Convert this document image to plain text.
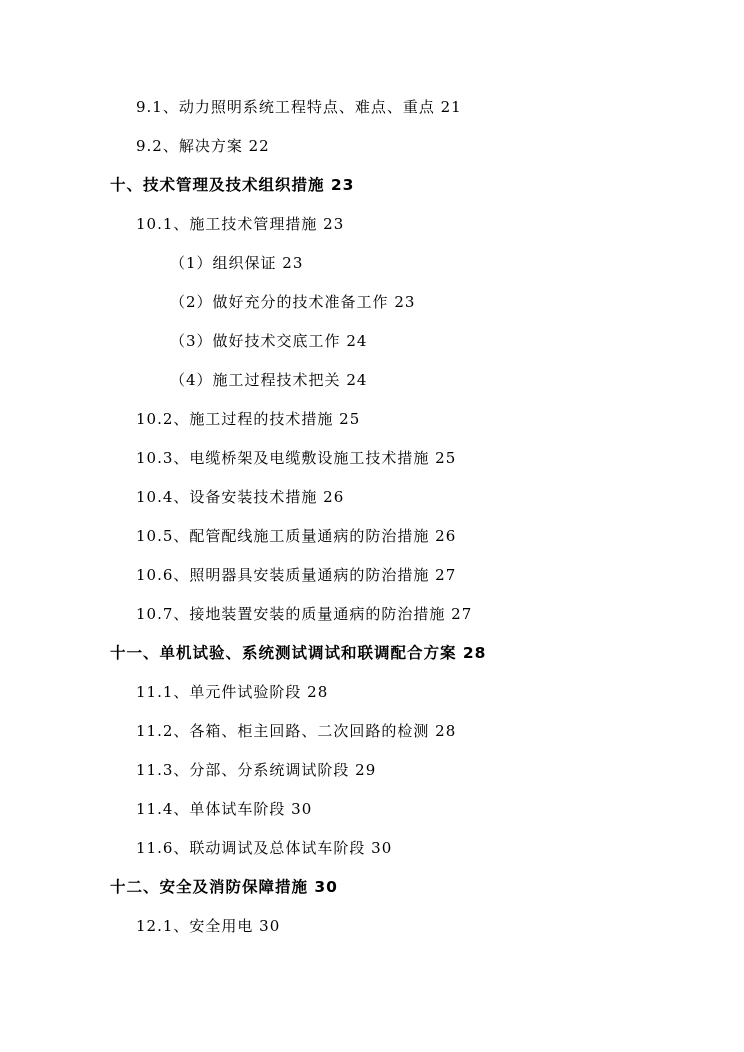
9.1、动力照明系统工程特点、难点、重点 21
9.2、解决方案 22
十、技术管理及技术组织措施 23
10.1、施工技术管理措施 23
（1）组织保证 23
（2）做好充分的技术准备工作 23
（3）做好技术交底工作 24
（4）施工过程技术把关 24
10.2、施工过程的技术措施 25
10.3、电缆桥架及电缆敷设施工技术措施 25
10.4、设备安装技术措施 26
10.5、配管配线施工质量通病的防治措施 26
10.6、照明器具安装质量通病的防治措施 27
10.7、接地装置安装的质量通病的防治措施 27
十一、单机试验、系统测试调试和联调配合方案 28
11.1、单元件试验阶段 28
11.2、各箱、柜主回路、二次回路的检测 28
11.3、分部、分系统调试阶段 29
11.4、单体试车阶段 30
11.6、联动调试及总体试车阶段 30
十二、安全及消防保障措施 30
12.1、安全用电 30
